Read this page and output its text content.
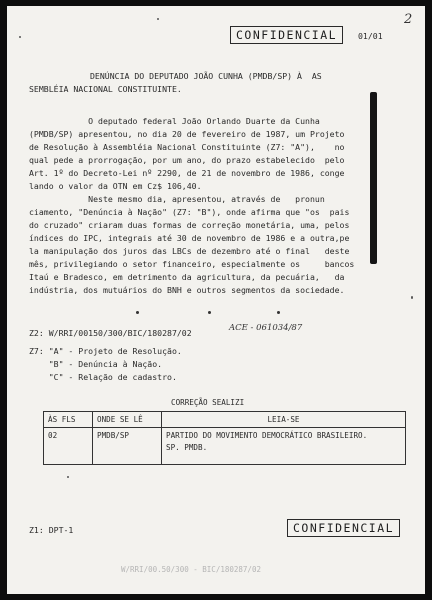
CONFIDENCIAL	01/01
2
DENÚNCIA DO DEPUTADO JOÃO CUNHA (PMDB/SP) À  AS
SEMBLÉIA NACIONAL CONSTITUINTE.
O deputado federal João Orlando Duarte da Cunha
(PMDB/SP) apresentou, no dia 20 de fevereiro de 1987, um Projeto
de Resolução à Assembléia Nacional Constituinte (Z7: "A"),    no
qual pede a prorrogação, por um ano, do prazo estabelecido  pelo
Art. 1º do Decreto-Lei nº 2290, de 21 de novembro de 1986, conge
lando o valor da OTN em Cz$ 106,40.
Neste mesmo dia, apresentou, através de   pronun
ciamento, "Denúncia à Nação" (Z7: "B"), onde afirma que "os  pais
do cruzado" criaram duas formas de correção monetária, uma, pelos
índices do IPC, integrais até 30 de novembro de 1986 e a outra,pe
la manipulação dos juros das LBCs de dezembro até o final   deste
mês, privilegiando o setor financeiro, especialmente os     bancos
Itaú e Bradesco, em detrimento da agricultura, da pecuária,   da
indústria, dos mutuários do BNH e outros segmentos da sociedade.
Z2: W/RRI/00150/300/BIC/180287/02	ACE - 061034/87
Z7: "A" - Projeto de Resolução.
"B" - Denúncia à Nação.
"C" - Relação de cadastro.
CORREÇÃO SEALIZI
ÀS FLS	ONDE SE LÊ	LEIA-SE
02	PMDB/SP	PARTIDO DO MOVIMENTO DEMOCRÁTICO BRASILEIRO.
SP. PMDB.
Z1: DPT-1	CONFIDENCIAL
W/RRI/00.50/300 - BIC/180287/02
